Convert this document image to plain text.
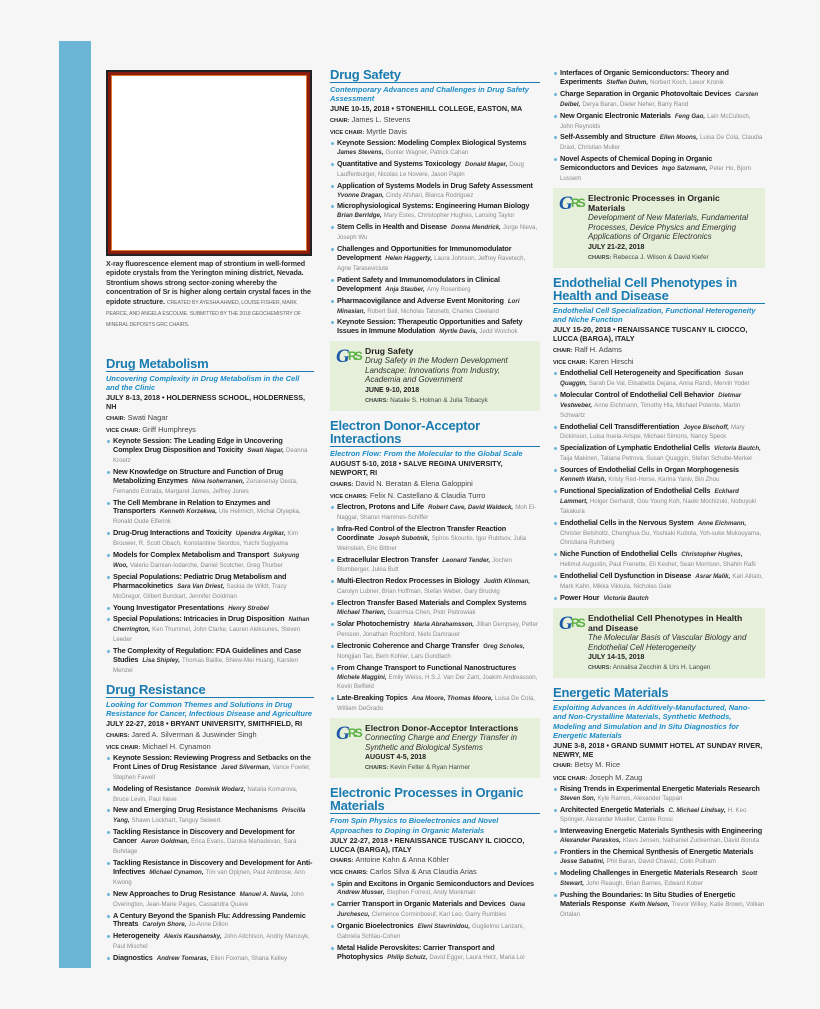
X-ray fluorescence element map of strontium in well-formed epidote crystals from the Yerington mining district, Nevada. Strontium shows strong sector-zoning whereby the concentration of Sr is higher along certain crystal faces in the epidote structure. CREATED BY AYESHA AHMED, LOUISE FISHER, MARK PEARCE, AND ANGELA ESCOLME. SUBMITTED BY THE 2018 GEOCHEMISTRY OF MINERAL DEPOSITS GRC CHAIRS.
Drug Metabolism
Uncovering Complexity in Drug Metabolism in the Cell and the Clinic
JULY 8-13, 2018 • HOLDERNESS SCHOOL, HOLDERNESS, NH
CHAIR: Swati Nagar
VICE CHAIR: Griff Humphreys
Keynote Session: The Leading Edge in Uncovering Complex Drug Disposition and Toxicity Swati Nagar, Deanna Kroetz
New Knowledge on Structure and Function of Drug Metabolizing Enzymes Nina Isoherranen, Zeruesenay Desta, Fernando Estrada, Margaret James, Jeffrey Jones
The Cell Membrane in Relation to Enzymes and Transporters Kenneth Korzekwa, Ute Hellmich, Michal Otyepka, Ronald Oude Elferink
Drug-Drug Interactions and Toxicity Upendra Argikar, Kim Brouwer, R. Scott Obach, Konstantine Skordos, Yuichi Sugiyama
Models for Complex Metabolism and Transport Sukyung Woo, Valeriu Damian-Iodarche, Daniel Scotcher, Greg Thurber
Special Populations: Pediatric Drug Metabolism and Pharmacokinetics Sara Van Driest, Saskia de Wildt, Tracy McGregor, Gilbert Burckart, Jennifer Goldman
Young Investigator Presentations Henry Strobel
Special Populations: Intricacies in Drug Disposition Nathan Cherrington, Ken Thummel, John Clarke, Lauren Aleksunes, Steven Leeder
The Complexity of Regulation: FDA Guidelines and Case Studies Lisa Shipley, Thomas Baillie, Shiew-Mei Huang, Karsten Menzel
Drug Resistance
Looking for Common Themes and Solutions in Drug Resistance for Cancer, Infectious Disease and Agriculture
JULY 22-27, 2018 • BRYANT UNIVERSITY, SMITHFIELD, RI
CHAIRS: Jared A. Silverman & Juswinder Singh
VICE CHAIR: Michael H. Cynamon
Keynote Session: Reviewing Progress and Setbacks on the Front Lines of Drug Resistance Jared Silverman, Vance Fowler, Stephen Fawell
Modeling of Resistance Dominik Wodarz, Natalia Komarova, Bruce Levin, Paul Neve
New and Emerging Drug Resistance Mechanisms Priscilla Yang, Shawn Lockhart, Tanguy Seiwert
Tackling Resistance in Discovery and Development for Cancer Aaron Goldman, Erica Evans, Daruka Mahadevan, Sara Buhrlage
Tackling Resistance in Discovery and Development for Anti-Infectives Michael Cynamon, Tim van Opijnen, Paul Ambrose, Ann Kwong
New Approaches to Drug Resistance Manuel A. Navia, John Overington, Jean-Marie Pages, Cassandra Quave
A Century Beyond the Spanish Flu: Addressing Pandemic Threats Carolyn Shore, Jo-Anne Dillon
Heterogeneity Alexis Kaushansky, John Aitchison, Andriy Marusyk, Paul Mischel
Diagnostics Andrew Tomaras, Ellen Foxman, Shana Kelley
Drug Safety
Contemporary Advances and Challenges in Drug Safety Assessment
JUNE 10-15, 2018 • STONEHILL COLLEGE, EASTON, MA
CHAIR: James L. Stevens
VICE CHAIR: Myrtle Davis
Keynote Session: Modeling Complex Biological Systems  James Stevens, Gunter Wagner, Patrick Cahan
Quantitative and Systems Toxicology Donald Mager, Doug Lauffenburger, Nicolas Le Novere, Jason Papin
Application of Systems Models in Drug Safety Assessment  Yvonne Dragan, Cindy Afshari, Blanca Rodriguez
Microphysiological Systems: Engineering Human Biology  Brian Berridge, Mary Estes, Christopher Hughes, Lansing Taylor
Stem Cells in Health and Disease Donna Mendrick, Jorge Nieva, Joseph Wu
Challenges and Opportunities for Immunomodulator Development Helen Haggerty, Laura Johnson, Jeffrey Ravetech, Agne Taraseviciute
Patient Safety and Immunomodulators in Clinical Development Anja Stauber, Amy Rosenberg
Pharmacovigilance and Adverse Event Monitoring Lori Minasian, Robert Ball, Nicholas Tatonetti, Charles Cleeland
Keynote Session: Therapeutic Opportunities and Safety Issues in Immune Modulation Myrtle Davis, Jedd Wolchok
G
RS Drug Safety
Drug Safety in the Modern Development Landscape: Innovations from Industry, Academia and Government
JUNE 9-10, 2018
CHAIRS: Natalie S. Holman & Julia Tobacyk
Electron Donor-Acceptor Interactions
Electron Flow: From the Molecular to the Global Scale
AUGUST 5-10, 2018 • SALVE REGINA UNIVERSITY, NEWPORT, RI
CHAIRS: David N. Beratan & Elena Galoppini
VICE CHAIRS: Felix N. Castellano & Claudia Turro
Electron, Protons and Life Robert Cave, David Waldeck, Moh El-Naggar, Sharon Hammes-Schiffer
Infra-Red Control of the Electron Transfer Reaction Coordinate Joseph Subotnik, Spiros Skourtis, Igor Rubtsov, Julia Weinstein, Eric Bittner
Extracellular Electron Transfer Leonard Tender, Jochen Blumberger, Julea Butt
Multi-Electron Redox Processes in Biology Judith Klinman, Carolyn Lubner, Brian Hoffman, Stefan Weber, Gary Brudvig
Electron Transfer Based Materials and Complex Systems  Michael Therien, GuanHua Chen, Piotr Piotrowiak
Solar Photochemistry Maria Abrahamsson, Jillian Dempsey, Petter Persson, Jonathan Rochford, Niels Damrauer
Electronic Coherence and Charge Transfer Greg Scholes, Nongjian Tao, Bern Kohler, Lars Gundlach
From Change Transport to Functional Nanostructures  Michele Maggini, Emily Weiss, H.S.J. Van Der Zant, Joakim Andreasson, Kevin Belfield
Late-Breaking Topics Ana Moore, Thomas Moore, Luisa De Cola, William DeGrado
G
RS Electron Donor-Acceptor Interactions
Connecting Charge and Energy Transfer in Synthetic and Biological Systems
AUGUST 4-5, 2018
CHAIRS: Kevin Felter & Ryan Harmer
Electronic Processes in Organic Materials
From Spin Physics to Bioelectronics and Novel Approaches to Doping in Organic Materials
JULY 22-27, 2018 • RENAISSANCE TUSCANY IL CIOCCO, LUCCA (BARGA), ITALY
CHAIRS: Antoine Kahn & Anna Köhler
VICE CHAIRS: Carlos Silva & Ana Claudia Arias
Spin and Excitons in Organic Semiconductors and Devices  Andrew Musser, Stephen Forrest, Andy Monkman
Carrier Transport in Organic Materials and Devices Oana Jurchescu, Clemence Corminboeuf, Karl Leo, Garry Rumbles
Organic Bioelectronics Eleni Stavrinidou, Guglielmo Lanzani, Gabriela Schlau-Cohen
Metal Halide Perovskites: Carrier Transport and Photophysics Philip Schulz, David Egger, Laura Herz, Maria Loi
Interfaces of Organic Semiconductors: Theory and Experiments Steffen Duhm, Norbert Koch, Leeor Kronik
Charge Separation in Organic Photovoltaic Devices Carsten Deibel, Derya Baran, Dieter Neher, Barry Rand
New Organic Electronic Materials Feng Gao, Lain McCulloch, John Reynolds
Self-Assembly and Structure Ellen Moons, Luisa De Cola, Claudia Draxl, Christian Muller
Novel Aspects of Chemical Doping in Organic Semiconductors and Devices Ingo Salzmann, Peter Ho, Bjorn Lussem
G
RS Electronic Processes in Organic Materials
Development of New Materials, Fundamental Processes, Device Physics and Emerging Applications of Organic Electronics
JULY 21-22, 2018
CHAIRS: Rebecca J. Wilson & David Kiefer
Endothelial Cell Phenotypes in Health and Disease
Endothelial Cell Specialization, Functional Heterogeneity and Niche Function
JULY 15-20, 2018 • RENAISSANCE TUSCANY IL CIOCCO, LUCCA (BARGA), ITALY
CHAIR: Ralf H. Adams
VICE CHAIR: Karen Hirschi
Endothelial Cell Heterogeneity and Specification Susan Quaggin, Sarah De Val, Elisabetta Dejana, Anna Randi, Mervin Yoder
Molecular Control of Endothelial Cell Behavior Dietmar Vestweber, Anne Eichmann, Timothy Hla, Michael Potente, Martin Schwartz
Endothelial Cell Transdifferentiation Joyce Bischoff, Mary Dickinson, Luisa Iruela-Arispe, Michael Simons, Nancy Speck
Specialization of Lymphatic Endothelial Cells Victoria Bautch, Taija Makinen, Tatiana Petrova, Susan Quaggin, Stefan Schulte-Merker
Sources of Endothelial Cells in Organ Morphogenesis  Kenneth Walsh, Kristy Red-Horse, Karina Yaniv, Bin Zhou
Functional Specialization of Endothelial Cells Eckhard Lammert, Holger Gerhardt, Gou Young Koh, Naoki Mochizuki, Nobuyuki Takakura
Endothelial Cells in the Nervous System Anne Eichmann, Christer Betsholtz, Chenghua Gu, Yoshiaki Kubota, Yoh-suke Mukouyama, Christiana Ruhrberg
Niche Function of Endothelial Cells Christopher Hughes, Hellmut Augustin, Paul Frenette, Eli Keshet, Sean Morrison, Shahin Rafii
Endothelial Cell Dysfunction in Disease Asrar Malik, Kari Alitalo, Mark Kahn, Mikka Vikkula, Nicholas Gale
Power Hour Victoria Bautch
G
RS Endothelial Cell Phenotypes in Health and Disease
The Molecular Basis of Vascular Biology and Endothelial Cell Heterogeneity
JULY 14-15, 2018
CHAIRS: Annalisa Zecchin & Urs H. Langen
Energetic Materials
Exploiting Advances in Additively-Manufactured, Nano- and Non-Crystalline Materials, Synthetic Methods, Modeling and Simulation and In Situ Diagnostics for Energetic Materials
JUNE 3-8, 2018 • GRAND SUMMIT HOTEL AT SUNDAY RIVER, NEWRY, ME
CHAIR: Betsy M. Rice
VICE CHAIR: Joseph M. Zaug
Rising Trends in Experimental Energetic Materials Research  Steven Son, Kyle Ramos, Alexander Tappan
Architected Energetic Materials C. Michael Lindsay, H. Keo Springer, Alexander Mueller, Carole Rossi
Interweaving Energetic Materials Synthesis with Engineering  Alexander Paraskos, Klavs Jensen, Nathaniel Zuckerman, David Boruta
Frontiers in the Chemical Synthesis of Energetic Materials  Jesse Sabatini, Phil Baran, David Chavez, Colin Pulham
Modeling Challenges in Energetic Materials Research Scott Stewart, John Reaugh, Brian Barnes, Edward Kober
Pushing the Boundaries: In Situ Studies of Energetic Materials Response Keith Nelson, Trevor Willey, Katie Brown, Volkan Ortalan
